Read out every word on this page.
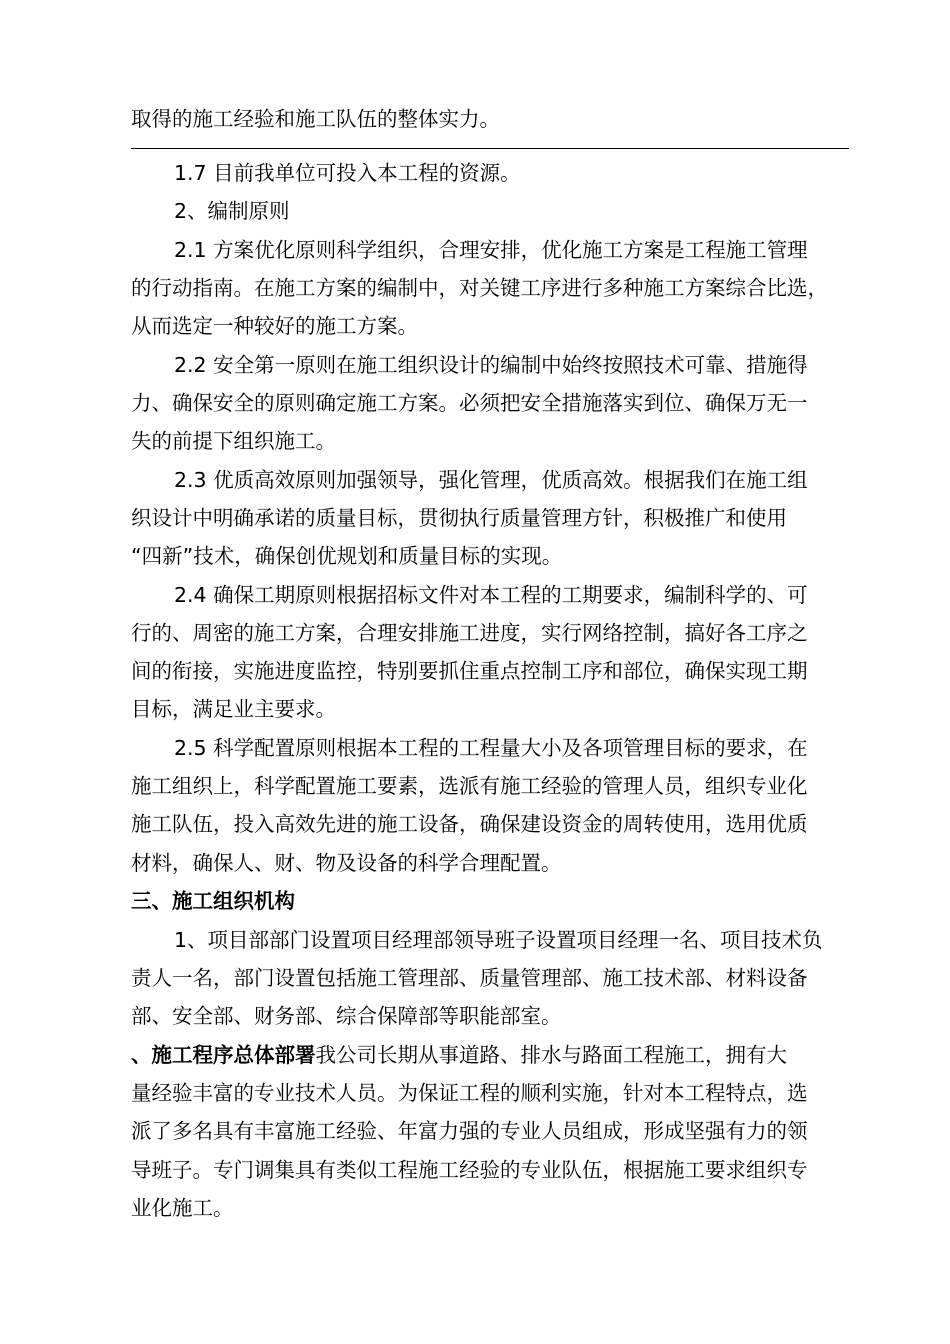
取得的施工经验和施工队伍的整体实力。
1.7 目前我单位可投入本工程的资源。
2、编制原则
2.1 方案优化原则科学组织，合理安排，优化施工方案是工程施工管理
的行动指南。在施工方案的编制中，对关键工序进行多种施工方案综合比选，
从而选定一种较好的施工方案。
2.2 安全第一原则在施工组织设计的编制中始终按照技术可靠、措施得
力、确保安全的原则确定施工方案。必须把安全措施落实到位、确保万无一
失的前提下组织施工。
2.3 优质高效原则加强领导，强化管理，优质高效。根据我们在施工组
织设计中明确承诺的质量目标，贯彻执行质量管理方针，积极推广和使用
“四新”技术，确保创优规划和质量目标的实现。
2.4 确保工期原则根据招标文件对本工程的工期要求，编制科学的、可
行的、周密的施工方案，合理安排施工进度，实行网络控制，搞好各工序之
间的衔接，实施进度监控，特别要抓住重点控制工序和部位，确保实现工期
目标，满足业主要求。
2.5 科学配置原则根据本工程的工程量大小及各项管理目标的要求，在
施工组织上，科学配置施工要素，选派有施工经验的管理人员，组织专业化
施工队伍，投入高效先进的施工设备，确保建设资金的周转使用，选用优质
材料，确保人、财、物及设备的科学合理配置。
三、施工组织机构
1、项目部部门设置项目经理部领导班子设置项目经理一名、项目技术负
责人一名，部门设置包括施工管理部、质量管理部、施工技术部、材料设备
部、安全部、财务部、综合保障部等职能部室。
、施工程序总体部署我公司长期从事道路、排水与路面工程施工，拥有大
量经验丰富的专业技术人员。为保证工程的顺利实施，针对本工程特点，选
派了多名具有丰富施工经验、年富力强的专业人员组成，形成坚强有力的领
导班子。专门调集具有类似工程施工经验的专业队伍，根据施工要求组织专
业化施工。
